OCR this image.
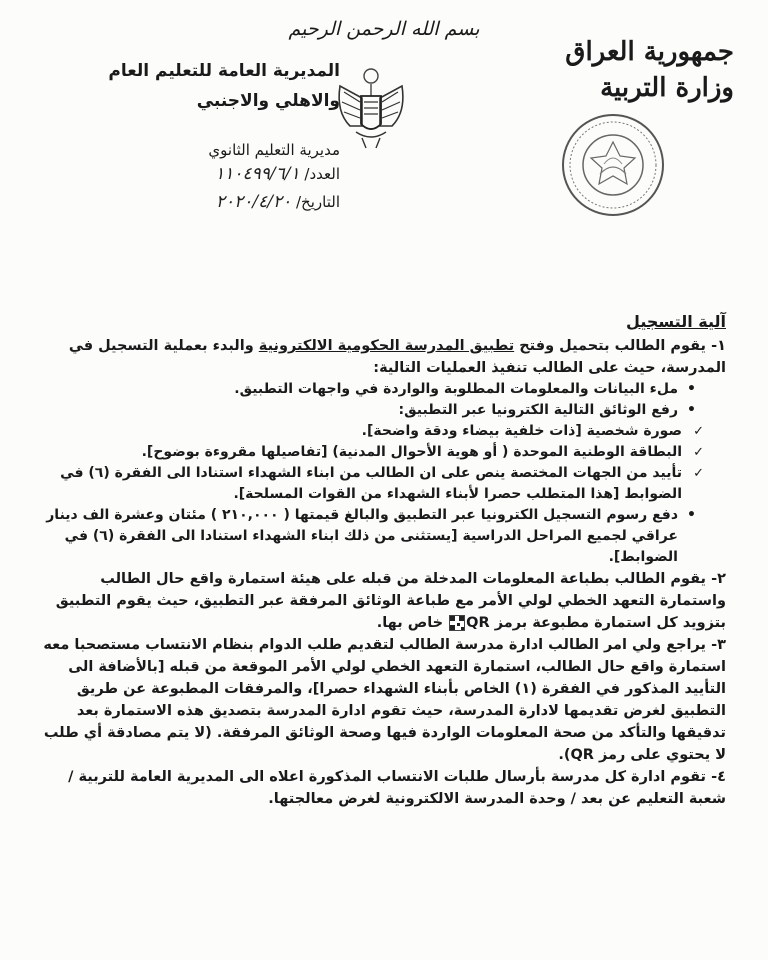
بسم الله الرحمن الرحيم
جمهورية العراق
وزارة التربية
المديرية العامة للتعليم العام
والاهلي والاجنبي
مديرية التعليم الثانوي
العدد/ ١١٠٤٩٩/٦/١
التاريخ/ ٢٠٢٠/٤/٢٠
آلية التسجيل

١-يقوم الطالب بتحميل وفتح تطبيق المدرسة الحكومية الالكترونية والبدء بعملية التسجيل في المدرسة، حيث على الطالب تنفيذ العمليات التالية:

• ملء البيانات والمعلومات المطلوبة والواردة في واجهات التطبيق.
• رفع الوثائق التالية الكترونيا عبر التطبيق:
✓ صورة شخصية [ذات خلفية بيضاء ودقة واضحة].
✓ البطاقة الوطنية الموحدة ( أو هوية الأحوال المدنية) [تفاصيلها مقروءة بوضوح].
✓ تأييد من الجهات المختصة ينص على ان الطالب من ابناء الشهداء استنادا الى الفقرة (٦) في الضوابط [هذا المتطلب حصرا لأبناء الشهداء من القوات المسلحة].
• دفع رسوم التسجيل الكترونيا عبر التطبيق والبالغ قيمتها ( ٢١٠,٠٠٠ ) مئتان وعشرة الف دينار عراقي لجميع المراحل الدراسية [يستثنى من ذلك ابناء الشهداء استنادا الى الفقرة (٦) في الضوابط].

٢-يقوم الطالب بطباعة المعلومات المدخلة من قبله على هيئة استمارة واقع حال الطالب واستمارة التعهد الخطي لولي الأمر مع طباعة الوثائق المرفقة عبر التطبيق، حيث يقوم التطبيق بتزويد كل استمارة مطبوعة برمز QR خاص بها.

٣-يراجع ولي امر الطالب ادارة مدرسة الطالب لتقديم طلب الدوام بنظام الانتساب مستصحبا معه استمارة واقع حال الطالب، استمارة التعهد الخطي لولي الأمر الموقعة من قبله [بالأضافة الى التأييد المذكور في الفقرة (١) الخاص بأبناء الشهداء حصرا]، والمرفقات المطبوعة عن طريق التطبيق لغرض تقديمها لادارة المدرسة، حيث تقوم ادارة المدرسة بتصديق هذه الاستمارة بعد تدقيقها والتأكد من صحة المعلومات الواردة فيها وصحة الوثائق المرفقة. (لا يتم مصادقة أي طلب لا يحتوي على رمز QR).

٤-تقوم ادارة كل مدرسة بأرسال طلبات الانتساب المذكورة اعلاه الى المديرية العامة للتربية / شعبة التعليم عن بعد / وحدة المدرسة الالكترونية لغرض معالجتها.
